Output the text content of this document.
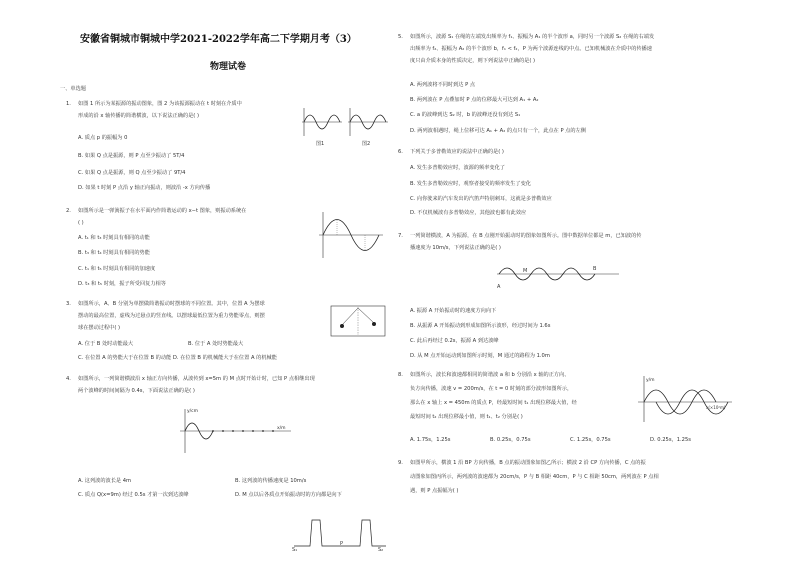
安徽省铜城市铜城中学2021-2022学年高二下学期月考（3）
物理试卷
一、单选题
1. 如图 1 所示为某振源的振动图象，图 2 为该振源振动在 t 时刻在介质中
形成的沿 x 轴传播的简谐横波，以下说法正确的是( )
A. 质点 p 的振幅为 0
B. 如果 Q 点是振源，则 P 点至少振动了 5T/4
C. 如果 Q 点是振源，则 Q 点至少振动了 9T/4
D. 如果 t 时刻 P 点沿 y 轴正向振动，则波沿 -x 方向传播
图1	图2
2. 如图所示是一弹簧振子在水平面内作简谐运动的 x−t 图象，则振动系统在
( )
A. t₁ 和 t₃ 时刻具有相同的动能
B. t₃ 和 t₄ 时刻具有相同的势能
C. t₁ 和 t₅ 时刻具有相同的加速度
D. t₃ 和 t₅ 时刻，振子所受回复力相等
3. 如图所示，A、B 分别为单摆做简谐振动时摆球的不同位置。其中，位置 A 为摆球
摆动的最高位置，虚线为过悬点的竖直线。以摆球最低位置为重力势能零点，则摆
球在摆动过程中( )
A. 位于 B 处时动能最大	B. 位于 A 处时势能最大
C. 在位置 A 的势能大于在位置 B 的动能 D. 在位置 B 的机械能大于在位置 A 的机械能
4. 如图所示，一列简谐横波沿 x 轴正方向传播，从波传到 x=5m 的 M 点时开始计时，已知 P 点相继出现
两个波峰的时间间隔为 0.4s，下面说法正确的是( )
x/m
y/cm
A. 这列波的波长是 4m	B. 这列波的传播速度是 10m/s
C. 质点 Q(x=9m) 经过 0.5s 才第一次到达波峰	D. M 点以后各质点开始振动时的方向都是向下
S₁
P
S₂
5. 如图所示，波源 S₁ 在绳的左端发出频率为 f₁、振幅为 A₁ 的半个波形 a，同时另一个波源 S₂ 在绳的右端发
出频率为 f₂、振幅为 A₂ 的半个波形 b，f₁ < f₂，P 为两个波源连线的中点。已知机械波在介质中的传播速
度只由介质本身的性质决定，则下列说法中正确的是( )
A. 两列波将不同时到达 P 点
B. 两列波在 P 点叠加时 P 点的位移最大可达到 A₁ + A₂
C. a 的波峰到达 S₂ 时，b 的波峰还没有到达 S₁
D. 两列波相遇时，绳上位移可达 A₁ + A₂ 的点只有一个，此点在 P 点的左侧
6. 下列关于多普勒效应的说法中正确的是( )
A. 发生多普勒效应时，波源的频率变化了
B. 发生多普勒效应时，观察者接受的频率发生了变化
C. 向你驶来的汽车发出的汽笛声特别刺耳，这就是多普勒效应
D. 不仅机械波有多普勒效应，其他波也都有此效应
7. 一列简谐横波，A 为振源，在 B 点刚开始振动时的图象如图所示。图中数据单位都是 m，已知波的传
播速度为 10m/s，下列说法正确的是( )
A
M	B
A. 振源 A 开始振动时的速度方向向下
B. 从振源 A 开始振动到形成如图所示波形，经过时间为 1.6s
C. 此后再经过 0.2s，振源 A 到达波峰
D. 从 M 点开始运动到如图所示时刻，M 通过的路程为 1.0m
8. 如图所示，波长和波速都相同的简谐波 a 和 b 分别沿 x 轴的正方向、
负方向传播，波速 v = 200m/s，在 t = 0 时刻的部分波形如图所示，
那么在 x 轴上 x = 450m 的质点 P，经最短时间 t₁ 出现位移最大值，经
最短时间 t₂ 出现位移最小值，则 t₁、t₂ 分别是( )
y/m
x(×10²m)
A. 1.75s，1.25s	B. 0.25s，0.75s	C. 1.25s，0.75s	D. 0.25s，1.25s
9. 如图甲所示，横波 1 沿 BP 方向传播，B 点的振动图象如图乙所示；横波 2 沿 CP 方向传播，C 点的振
动图象如图丙所示，两列波的波速都为 20cm/s，P 与 B 相距 40cm，P 与 C 相距 50cm，两列波在 P 点相
遇，则 P 点振幅为( )
